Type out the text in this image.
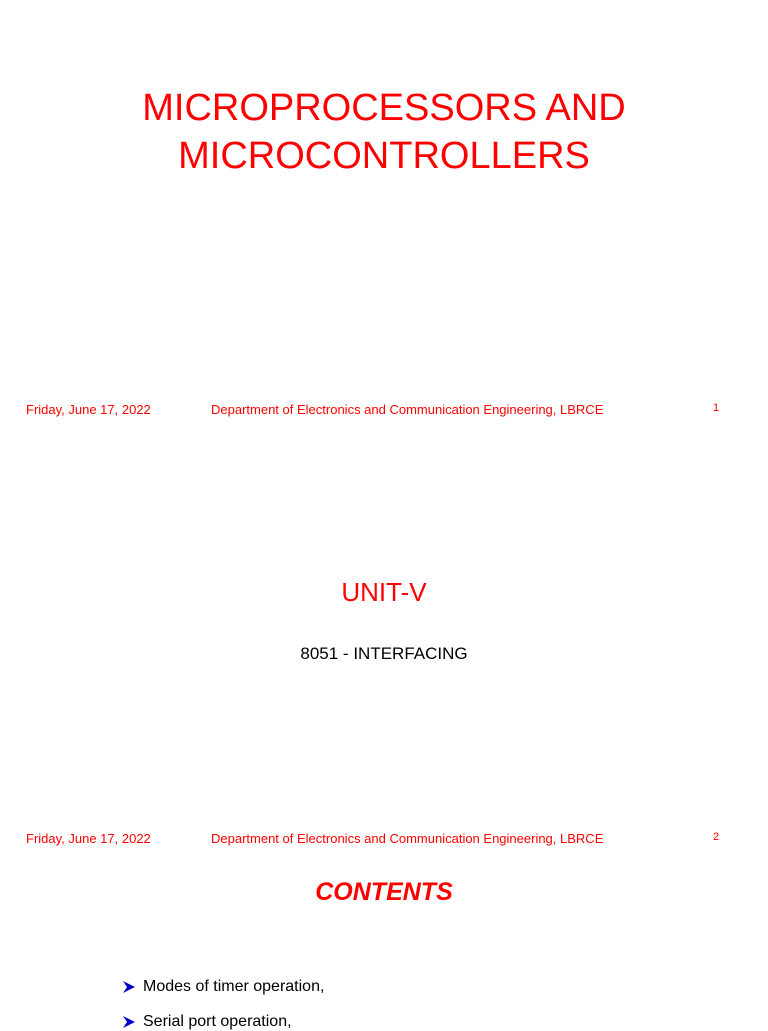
MICROPROCESSORS AND
MICROCONTROLLERS
Friday, June 17, 2022	Department of Electronics and Communication Engineering, LBRCE	1
UNIT-V
8051 - INTERFACING
Friday, June 17, 2022	Department of Electronics and Communication Engineering, LBRCE	2
CONTENTS
Modes of timer operation,
Serial port operation,
